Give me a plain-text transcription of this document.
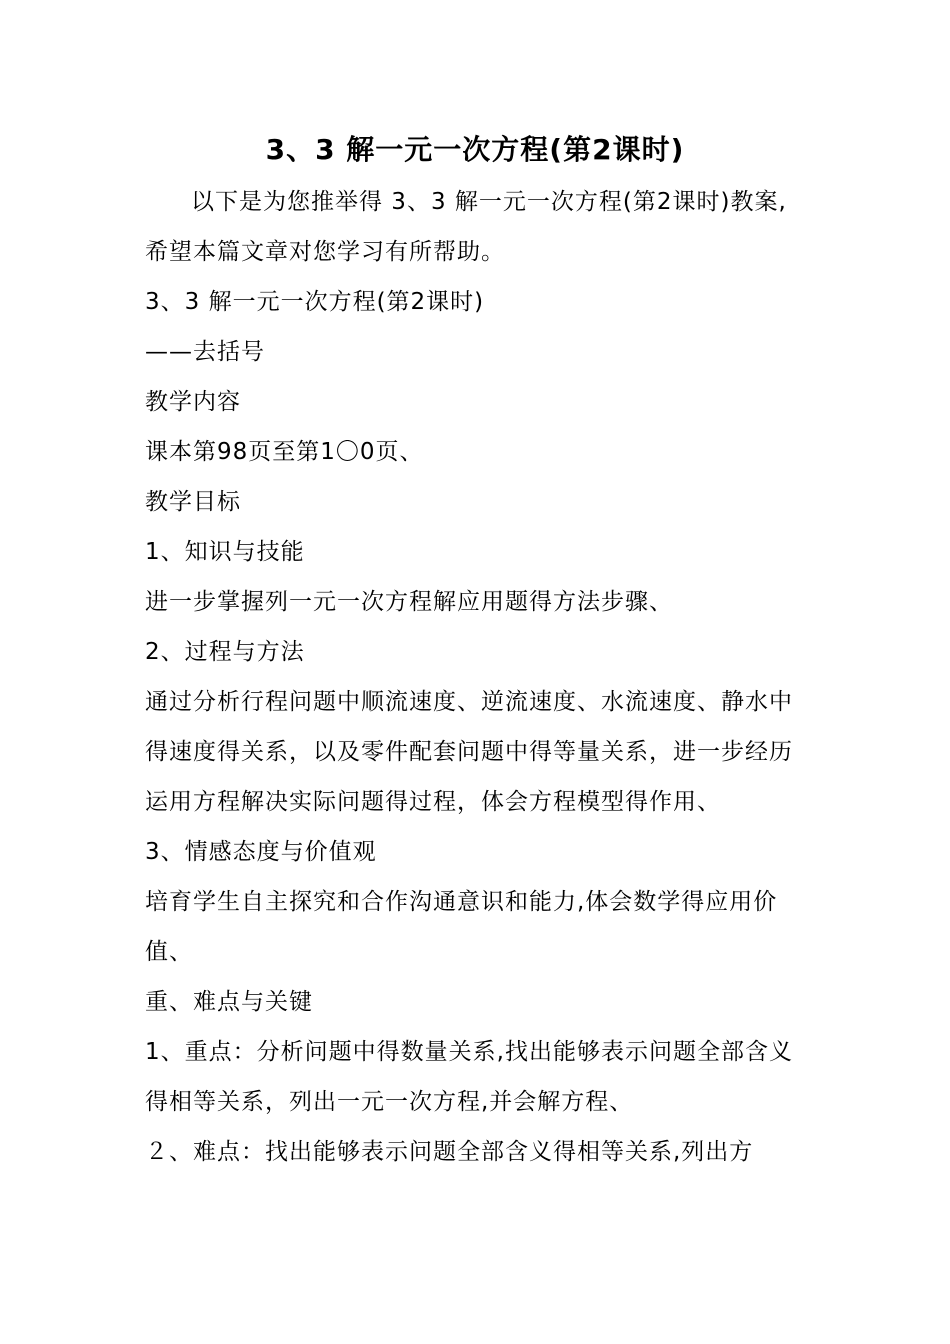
3、3 解一元一次方程(第2课时)

以下是为您推举得 3、3 解一元一次方程(第2课时)教案,希望本篇文章对您学习有所帮助。

3、3 解一元一次方程(第2课时)

——去括号

教学内容

课本第98页至第1〇0页、

教学目标

1、知识与技能

进一步掌握列一元一次方程解应用题得方法步骤、

2、过程与方法

通过分析行程问题中顺流速度、逆流速度、水流速度、静水中得速度得关系，以及零件配套问题中得等量关系，进一步经历运用方程解决实际问题得过程，体会方程模型得作用、

3、情感态度与价值观

培育学生自主探究和合作沟通意识和能力,体会数学得应用价值、

重、难点与关键

1、重点：分析问题中得数量关系,找出能够表示问题全部含义得相等关系，列出一元一次方程,并会解方程、

２、难点：找出能够表示问题全部含义得相等关系,列出方
